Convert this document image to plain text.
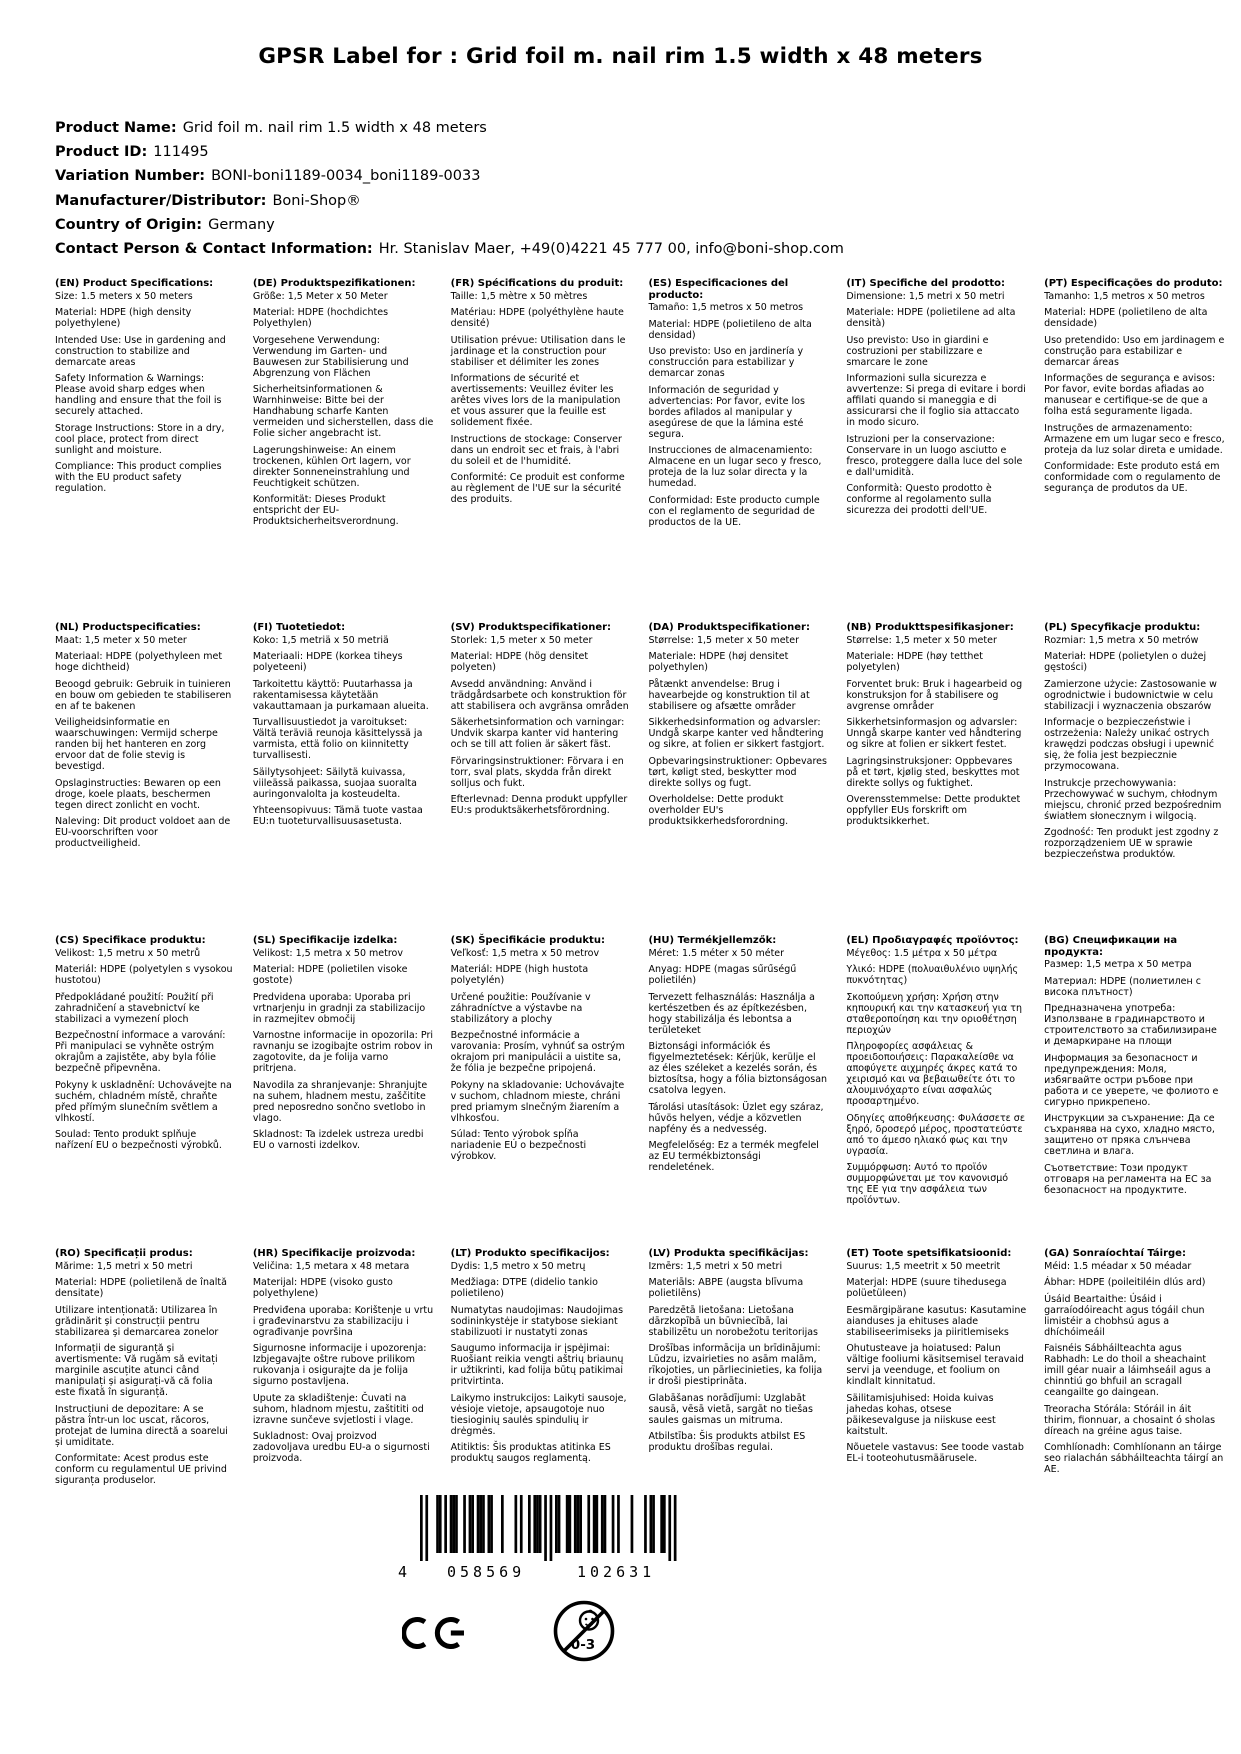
GPSR Label for : Grid foil m. nail rim 1.5 width x 48 meters

Product Name: Grid foil m. nail rim 1.5 width x 48 meters

Product ID: 111495

Variation Number: BONI-boni1189-0034_boni1189-0033

Manufacturer/Distributor: Boni-Shop®

Country of Origin: Germany

Contact Person & Contact Information: Hr. Stanislav Maer, +49(0)4221 45 777 00, info@boni-shop.com

(EN) Product Specifications:

Size: 1.5 meters x 50 meters

Material: HDPE (high density polyethylene)

Intended Use: Use in gardening and construction to stabilize and demarcate areas

Safety Information & Warnings: Please avoid sharp edges when handling and ensure that the foil is securely attached.

Storage Instructions: Store in a dry, cool place, protect from direct sunlight and moisture.

Compliance: This product complies with the EU product safety regulation.

(DE) Produktspezifikationen:

Größe: 1,5 Meter x 50 Meter

Material: HDPE (hochdichtes Polyethylen)

Vorgesehene Verwendung: Verwendung im Garten- und Bauwesen zur Stabilisierung und Abgrenzung von Flächen

Sicherheitsinformationen & Warnhinweise: Bitte bei der Handhabung scharfe Kanten vermeiden und sicherstellen, dass die Folie sicher angebracht ist.

Lagerungshinweise: An einem trockenen, kühlen Ort lagern, vor direkter Sonneneinstrahlung und Feuchtigkeit schützen.

Konformität: Dieses Produkt entspricht der EU-Produktsicherheitsverordnung.

(FR) Spécifications du produit:

Taille: 1,5 mètre x 50 mètres

Matériau: HDPE (polyéthylène haute densité)

Utilisation prévue: Utilisation dans le jardinage et la construction pour stabiliser et délimiter les zones

Informations de sécurité et avertissements: Veuillez éviter les arêtes vives lors de la manipulation et vous assurer que la feuille est solidement fixée.

Instructions de stockage: Conserver dans un endroit sec et frais, à l'abri du soleil et de l'humidité.

Conformité: Ce produit est conforme au règlement de l'UE sur la sécurité des produits.

(ES) Especificaciones del producto:

Tamaño: 1,5 metros x 50 metros

Material: HDPE (polietileno de alta densidad)

Uso previsto: Uso en jardinería y construcción para estabilizar y demarcar zonas

Información de seguridad y advertencias: Por favor, evite los bordes afilados al manipular y asegúrese de que la lámina esté segura.

Instrucciones de almacenamiento: Almacene en un lugar seco y fresco, proteja de la luz solar directa y la humedad.

Conformidad: Este producto cumple con el reglamento de seguridad de productos de la UE.

(IT) Specifiche del prodotto:

Dimensione: 1,5 metri x 50 metri

Materiale: HDPE (polietilene ad alta densità)

Uso previsto: Uso in giardini e costruzioni per stabilizzare e smarcare le zone

Informazioni sulla sicurezza e avvertenze: Si prega di evitare i bordi affilati quando si maneggia e di assicurarsi che il foglio sia attaccato in modo sicuro.

Istruzioni per la conservazione: Conservare in un luogo asciutto e fresco, proteggere dalla luce del sole e dall'umidità.

Conformità: Questo prodotto è conforme al regolamento sulla sicurezza dei prodotti dell'UE.

(PT) Especificações do produto:

Tamanho: 1,5 metros x 50 metros

Material: HDPE (polietileno de alta densidade)

Uso pretendido: Uso em jardinagem e construção para estabilizar e demarcar áreas

Informações de segurança e avisos: Por favor, evite bordas afiadas ao manusear e certifique-se de que a folha está seguramente ligada.

Instruções de armazenamento: Armazene em um lugar seco e fresco, proteja da luz solar direta e umidade.

Conformidade: Este produto está em conformidade com o regulamento de segurança de produtos da UE.

(NL) Productspecificaties:

Maat: 1,5 meter x 50 meter

Materiaal: HDPE (polyethyleen met hoge dichtheid)

Beoogd gebruik: Gebruik in tuinieren en bouw om gebieden te stabiliseren en af te bakenen

Veiligheidsinformatie en waarschuwingen: Vermijd scherpe randen bij het hanteren en zorg ervoor dat de folie stevig is bevestigd.

Opslaginstructies: Bewaren op een droge, koele plaats, beschermen tegen direct zonlicht en vocht.

Naleving: Dit product voldoet aan de EU-voorschriften voor productveiligheid.

(FI) Tuotetiedot:

Koko: 1,5 metriä x 50 metriä

Materiaali: HDPE (korkea tiheys polyeteeni)

Tarkoitettu käyttö: Puutarhassa ja rakentamisessa käytetään vakauttamaan ja purkamaan alueita.

Turvallisuustiedot ja varoitukset: Vältä teräviä reunoja käsittelyssä ja varmista, että folio on kiinnitetty turvallisesti.

Säilytysohjeet: Säilytä kuivassa, viileässä paikassa, suojaa suoralta auringonvalolta ja kosteudelta.

Yhteensopivuus: Tämä tuote vastaa EU:n tuoteturvallisuusasetusta.

(SV) Produktspecifikationer:

Storlek: 1,5 meter x 50 meter

Material: HDPE (hög densitet polyeten)

Avsedd användning: Använd i trädgårdsarbete och konstruktion för att stabilisera och avgränsa områden

Säkerhetsinformation och varningar: Undvik skarpa kanter vid hantering och se till att folien är säkert fäst.

Förvaringsinstruktioner: Förvara i en torr, sval plats, skydda från direkt solljus och fukt.

Efterlevnad: Denna produkt uppfyller EU:s produktsäkerhetsförordning.

(DA) Produktspecifikationer:

Størrelse: 1,5 meter x 50 meter

Materiale: HDPE (høj densitet polyethylen)

Påtænkt anvendelse: Brug i havearbejde og konstruktion til at stabilisere og afsætte områder

Sikkerhedsinformation og advarsler: Undgå skarpe kanter ved håndtering og sikre, at folien er sikkert fastgjort.

Opbevaringsinstruktioner: Opbevares tørt, køligt sted, beskytter mod direkte sollys og fugt.

Overholdelse: Dette produkt overholder EU's produktsikkerhedsforordning.

(NB) Produkttspesifikasjoner:

Størrelse: 1,5 meter x 50 meter

Materiale: HDPE (høy tetthet polyetylen)

Forventet bruk: Bruk i hagearbeid og konstruksjon for å stabilisere og avgrense områder

Sikkerhetsinformasjon og advarsler: Unngå skarpe kanter ved håndtering og sikre at folien er sikkert festet.

Lagringsinstruksjoner: Oppbevares på et tørt, kjølig sted, beskyttes mot direkte sollys og fuktighet.

Overensstemmelse: Dette produktet oppfyller EUs forskrift om produktsikkerhet.

(PL) Specyfikacje produktu:

Rozmiar: 1,5 metra x 50 metrów

Materiał: HDPE (polietylen o dużej gęstości)

Zamierzone użycie: Zastosowanie w ogrodnictwie i budownictwie w celu stabilizacji i wyznaczenia obszarów

Informacje o bezpieczeństwie i ostrzeżenia: Należy unikać ostrych krawędzi podczas obsługi i upewnić się, że folia jest bezpiecznie przymocowana.

Instrukcje przechowywania: Przechowywać w suchym, chłodnym miejscu, chronić przed bezpośrednim światłem słonecznym i wilgocią.

Zgodność: Ten produkt jest zgodny z rozporządzeniem UE w sprawie bezpieczeństwa produktów.

(CS) Specifikace produktu:

Velikost: 1,5 metru x 50 metrů

Materiál: HDPE (polyetylen s vysokou hustotou)

Předpokládané použití: Použití při zahradničení a stavebnictví ke stabilizaci a vymezení ploch

Bezpečnostní informace a varování: Při manipulaci se vyhněte ostrým okrajům a zajistěte, aby byla fólie bezpečně připevněna.

Pokyny k uskladnění: Uchovávejte na suchém, chladném místě, chraňte před přímým slunečním světlem a vlhkostí.

Soulad: Tento produkt splňuje nařízení EU o bezpečnosti výrobků.

(SL) Specifikacije izdelka:

Velikost: 1,5 metra x 50 metrov

Material: HDPE (polietilen visoke gostote)

Predvidena uporaba: Uporaba pri vrtnarjenju in gradnji za stabilizacijo in razmejitev območij

Varnostne informacije in opozorila: Pri ravnanju se izogibajte ostrim robov in zagotovite, da je folija varno pritrjena.

Navodila za shranjevanje: Shranjujte na suhem, hladnem mestu, zaščitite pred neposredno sončno svetlobo in vlago.

Skladnost: Ta izdelek ustreza uredbi EU o varnosti izdelkov.

(SK) Špecifikácie produktu:

Veľkosť: 1,5 metra x 50 metrov

Materiál: HDPE (high hustota polyetylén)

Určené použitie: Používanie v záhradníctve a výstavbe na stabilizátory a plochy

Bezpečnostné informácie a varovania: Prosím, vyhnúť sa ostrým okrajom pri manipulácii a uistite sa, že fólia je bezpečne pripojená.

Pokyny na skladovanie: Uchovávajte v suchom, chladnom mieste, chráni pred priamym slnečným žiarením a vlhkosťou.

Súlad: Tento výrobok spĺňa nariadenie EÚ o bezpečnosti výrobkov.

(HU) Termékjellemzők:

Méret: 1.5 méter x 50 méter

Anyag: HDPE (magas sűrűségű polietilén)

Tervezett felhasználás: Használja a kertészetben és az építkezésben, hogy stabilizálja és lebontsa a területeket

Biztonsági információk és figyelmeztetések: Kérjük, kerülje el az éles széleket a kezelés során, és biztosítsa, hogy a fólia biztonságosan csatolva legyen.

Tárolási utasítások: Üzlet egy száraz, hűvös helyen, védje a közvetlen napfény és a nedvesség.

Megfelelőség: Ez a termék megfelel az EU termékbiztonsági rendeletének.

(EL) Προδιαγραφές προϊόντος:

Μέγεθος: 1.5 μέτρα x 50 μέτρα

Υλικό: HDPE (πολυαιθυλένιο υψηλής πυκνότητας)

Σκοπούμενη χρήση: Χρήση στην κηπουρική και την κατασκευή για τη σταθεροποίηση και την οριοθέτηση περιοχών

Πληροφορίες ασφάλειας & προειδοποιήσεις: Παρακαλείσθε να αποφύγετε αιχμηρές άκρες κατά το χειρισμό και να βεβαιωθείτε ότι το αλουμινόχαρτο είναι ασφαλώς προσαρτημένο.

Οδηγίες αποθήκευσης: Φυλάσσετε σε ξηρό, δροσερό μέρος, προστατεύστε από το άμεσο ηλιακό φως και την υγρασία.

Συμμόρφωση: Αυτό το προϊόν συμμορφώνεται με τον κανονισμό της ΕΕ για την ασφάλεια των προϊόντων.

(BG) Спецификации на продукта:

Размер: 1,5 метра x 50 метра

Материал: HDPE (полиетилен с висока плътност)

Предназначена употреба: Използване в градинарството и строителството за стабилизиране и демаркиране на площи

Информация за безопасност и предупреждения: Моля, избягвайте остри ръбове при работа и се уверете, че фолиото е сигурно прикрепено.

Инструкции за съхранение: Да се съхранява на сухо, хладно място, защитено от пряка слънчева светлина и влага.

Съответствие: Този продукт отговаря на регламента на ЕС за безопасност на продуктите.

(RO) Specificații produs:

Mărime: 1,5 metri x 50 metri

Material: HDPE (polietilenă de înaltă densitate)

Utilizare intenționată: Utilizarea în grădinărit și construcții pentru stabilizarea și demarcarea zonelor

Informații de siguranță și avertismente: Vă rugăm să evitați marginile ascuțite atunci când manipulați și asigurați-vă că folia este fixată în siguranță.

Instrucțiuni de depozitare: A se păstra într-un loc uscat, răcoros, protejat de lumina directă a soarelui și umiditate.

Conformitate: Acest produs este conform cu regulamentul UE privind siguranța produselor.

(HR) Specifikacije proizvoda:

Veličina: 1,5 metara x 48 metara

Materijal: HDPE (visoko gusto polyethylene)

Predviđena uporaba: Korištenje u vrtu i građevinarstvu za stabilizaciju i ograđivanje površina

Sigurnosne informacije i upozorenja: Izbjegavajte oštre rubove prilikom rukovanja i osigurajte da je folija sigurno postavljena.

Upute za skladištenje: Čuvati na suhom, hladnom mjestu, zaštititi od izravne sunčeve svjetlosti i vlage.

Sukladnost: Ovaj proizvod zadovoljava uredbu EU-a o sigurnosti proizvoda.

(LT) Produkto specifikacijos:

Dydis: 1,5 metro x 50 metrų

Medžiaga: DTPE (didelio tankio polietileno)

Numatytas naudojimas: Naudojimas sodininkystėje ir statybose siekiant stabilizuoti ir nustatyti zonas

Saugumo informacija ir įspėjimai: Ruošiant reikia vengti aštrių briaunų ir užtikrinti, kad folija būtų patikimai pritvirtinta.

Laikymo instrukcijos: Laikyti sausoje, vėsioje vietoje, apsaugotoje nuo tiesioginių saulės spindulių ir drėgmės.

Atitiktis: Šis produktas atitinka ES produktų saugos reglamentą.

(LV) Produkta specifikācijas:

Izmērs: 1,5 metri x 50 metri

Materiāls: ABPE (augsta blīvuma polietilēns)

Paredzētā lietošana: Lietošana dārzkopībā un būvniecībā, lai stabilizētu un norobežotu teritorijas

Drošības informācija un brīdinājumi: Lūdzu, izvairieties no asām malām, rīkojoties, un pārliecinieties, ka folija ir droši piestiprināta.

Glabāšanas norādījumi: Uzglabāt sausā, vēsā vietā, sargāt no tiešas saules gaismas un mitruma.

Atbilstība: Šis produkts atbilst ES produktu drošības regulai.

(ET) Toote spetsifikatsioonid:

Suurus: 1,5 meetrit x 50 meetrit

Materjal: HDPE (suure tihedusega polüetüleen)

Eesmärgipärane kasutus: Kasutamine aianduses ja ehituses alade stabiliseerimiseks ja piiritlemiseks

Ohutusteave ja hoiatused: Palun vältige fooliumi käsitsemisel teravaid servi ja veenduge, et foolium on kindlalt kinnitatud.

Säilitamisjuhised: Hoida kuivas jahedas kohas, otsese päikesevalguse ja niiskuse eest kaitstult.

Nõuetele vastavus: See toode vastab EL-i tooteohutusmäärusele.

(GA) Sonraíochtaí Táirge:

Méid: 1.5 méadar x 50 méadar

Ábhar: HDPE (poileitiléin dlús ard)

Úsáid Beartaithe: Úsáid i garraíodóireacht agus tógáil chun limistéir a chobhsú agus a dhíchóimeáil

Faisnéis Sábháilteachta agus Rabhadh: Le do thoil a sheachaint imill géar nuair a láimhseáil agus a chinntiú go bhfuil an scragall ceangailte go daingean.

Treoracha Stórála: Stóráil in áit thirim, fionnuar, a chosaint ó sholas díreach na gréine agus taise.

Comhlíonadh: Comhlíonann an táirge seo rialachán sábháilteachta táirgí an AE.

4	058569	102631
0-3
